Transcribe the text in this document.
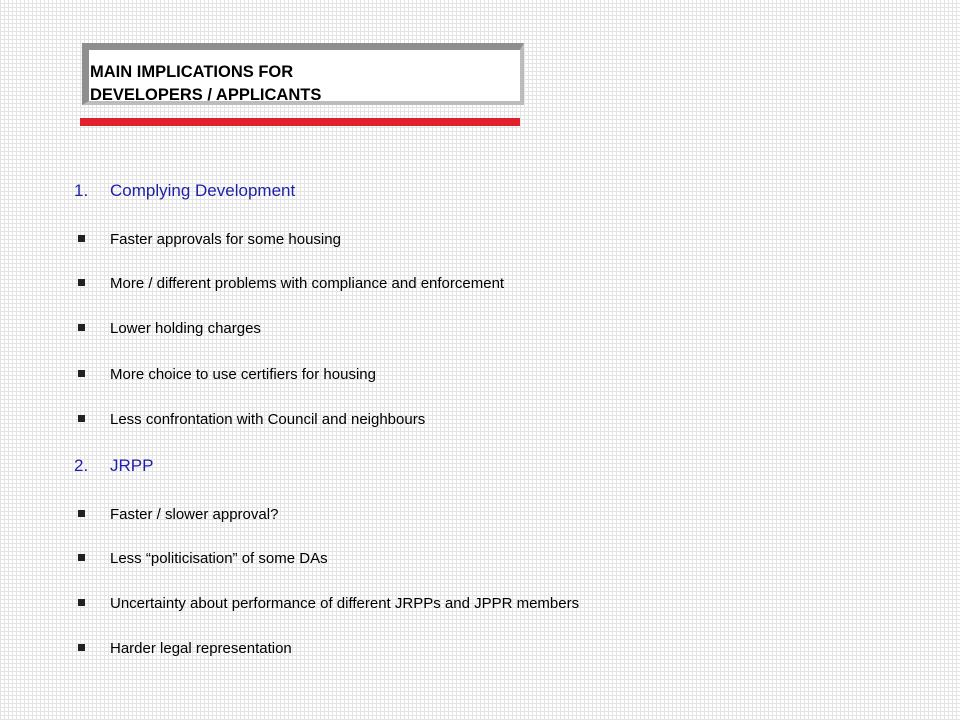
MAIN IMPLICATIONS FOR
DEVELOPERS / APPLICANTS
1. Complying Development
Faster approvals for some housing
More / different problems with compliance and enforcement
Lower holding charges
More choice to use certifiers for housing
Less confrontation with Council and neighbours
2. JRPP
Faster / slower approval?
Less “politicisation” of some DAs
Uncertainty about performance of different JRPPs and JPPR members
Harder legal representation
